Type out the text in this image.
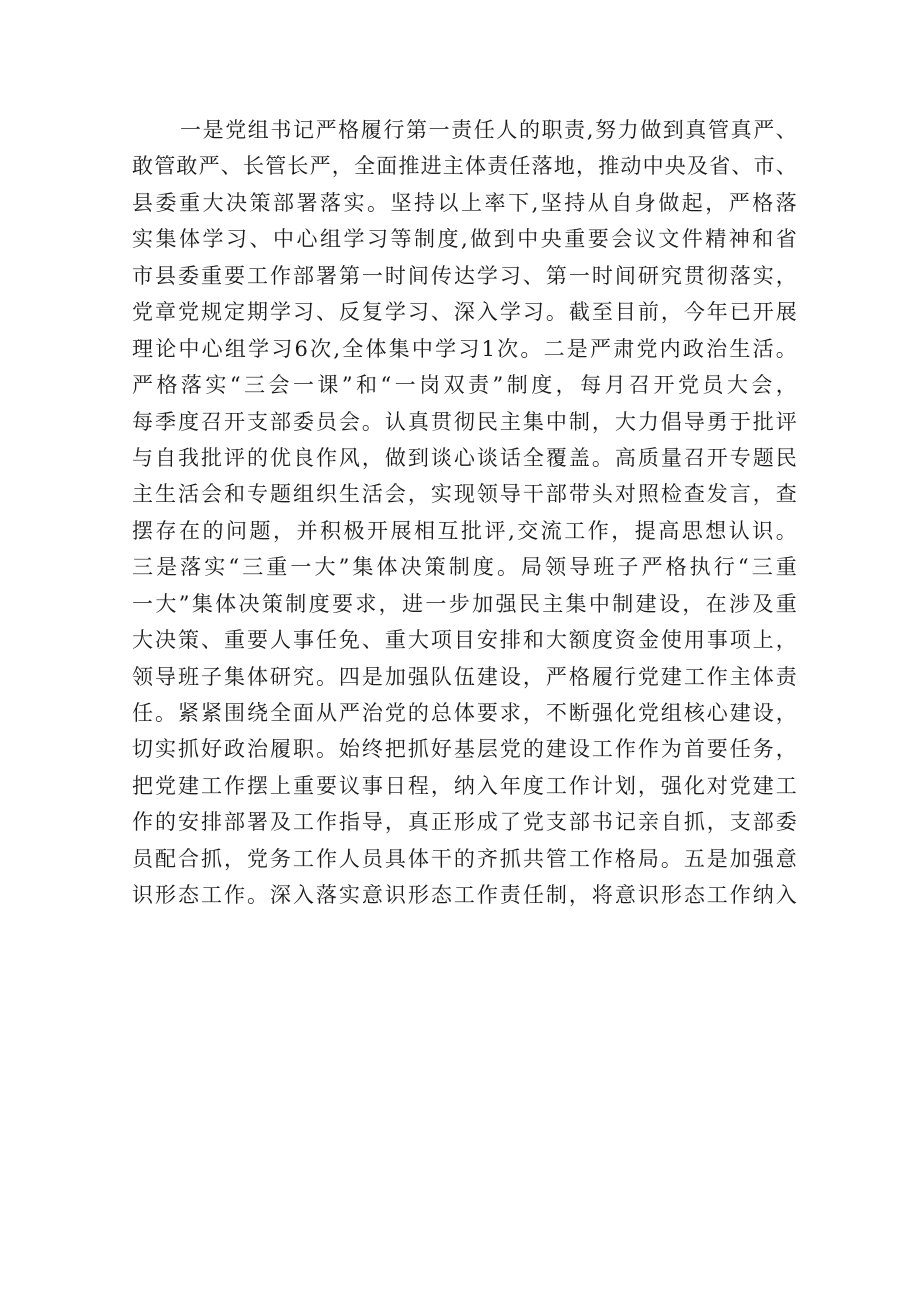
一是党组书记严格履行第一责任人的职责,努力做到真管真严、
敢管敢严、长管长严，全面推进主体责任落地，推动中央及省、市、
县委重大决策部署落实。坚持以上率下,坚持从自身做起，严格落
实集体学习、中心组学习等制度,做到中央重要会议文件精神和省
市县委重要工作部署第一时间传达学习、第一时间研究贯彻落实，
党章党规定期学习、反复学习、深入学习。截至目前，今年已开展
理论中心组学习6次,全体集中学习1次。二是严肃党内政治生活。
严格落实“三会一课”和“一岗双责”制度，每月召开党员大会，
每季度召开支部委员会。认真贯彻民主集中制，大力倡导勇于批评
与自我批评的优良作风，做到谈心谈话全覆盖。高质量召开专题民
主生活会和专题组织生活会，实现领导干部带头对照检查发言，查
摆存在的问题，并积极开展相互批评,交流工作，提高思想认识。
三是落实“三重一大”集体决策制度。局领导班子严格执行“三重
一大”集体决策制度要求，进一步加强民主集中制建设，在涉及重
大决策、重要人事任免、重大项目安排和大额度资金使用事项上，
领导班子集体研究。四是加强队伍建设，严格履行党建工作主体责
任。紧紧围绕全面从严治党的总体要求，不断强化党组核心建设，
切实抓好政治履职。始终把抓好基层党的建设工作作为首要任务，
把党建工作摆上重要议事日程，纳入年度工作计划，强化对党建工
作的安排部署及工作指导，真正形成了党支部书记亲自抓，支部委
员配合抓，党务工作人员具体干的齐抓共管工作格局。五是加强意
识形态工作。深入落实意识形态工作责任制，将意识形态工作纳入
